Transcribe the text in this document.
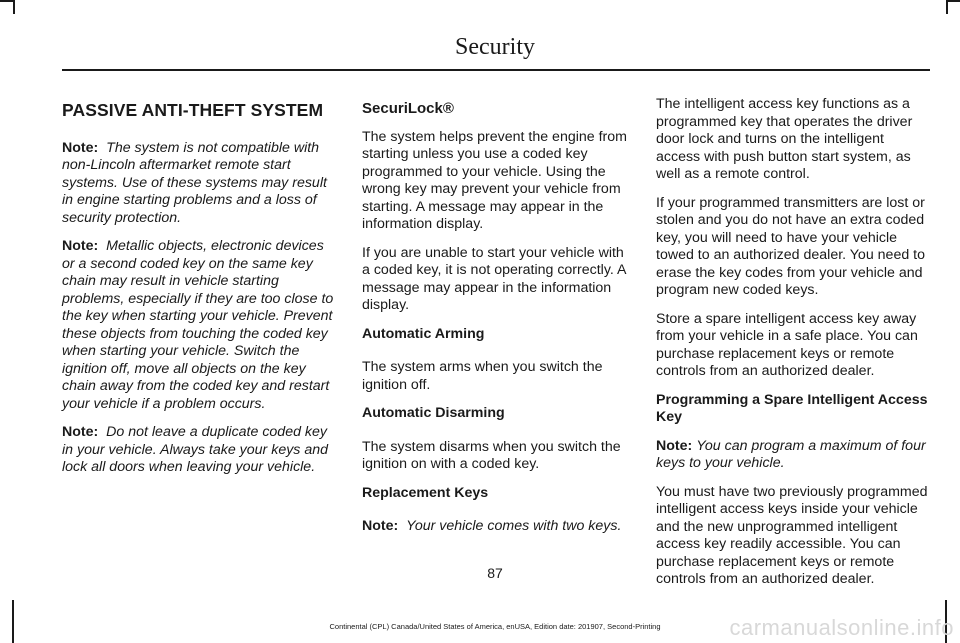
Security
PASSIVE ANTI-THEFT SYSTEM

Note: The system is not compatible with non-Lincoln aftermarket remote start systems. Use of these systems may result in engine starting problems and a loss of security protection.

Note: Metallic objects, electronic devices or a second coded key on the same key chain may result in vehicle starting problems, especially if they are too close to the key when starting your vehicle. Prevent these objects from touching the coded key when starting your vehicle. Switch the ignition off, move all objects on the key chain away from the coded key and restart your vehicle if a problem occurs.

Note: Do not leave a duplicate coded key in your vehicle. Always take your keys and lock all doors when leaving your vehicle.

SecuriLock®

The system helps prevent the engine from starting unless you use a coded key programmed to your vehicle. Using the wrong key may prevent your vehicle from starting. A message may appear in the information display.

If you are unable to start your vehicle with a coded key, it is not operating correctly. A message may appear in the information display.

Automatic Arming

The system arms when you switch the ignition off.

Automatic Disarming

The system disarms when you switch the ignition on with a coded key.

Replacement Keys

Note: Your vehicle comes with two keys.

The intelligent access key functions as a programmed key that operates the driver door lock and turns on the intelligent access with push button start system, as well as a remote control.

If your programmed transmitters are lost or stolen and you do not have an extra coded key, you will need to have your vehicle towed to an authorized dealer. You need to erase the key codes from your vehicle and program new coded keys.

Store a spare intelligent access key away from your vehicle in a safe place. You can purchase replacement keys or remote controls from an authorized dealer.

Programming a Spare Intelligent Access Key

Note: You can program a maximum of four keys to your vehicle.

You must have two previously programmed intelligent access keys inside your vehicle and the new unprogrammed intelligent access key readily accessible. You can purchase replacement keys or remote controls from an authorized dealer.

87
Continental (CPL) Canada/United States of America, enUSA, Edition date: 201907, Second-Printing	carmanualsonline.info
